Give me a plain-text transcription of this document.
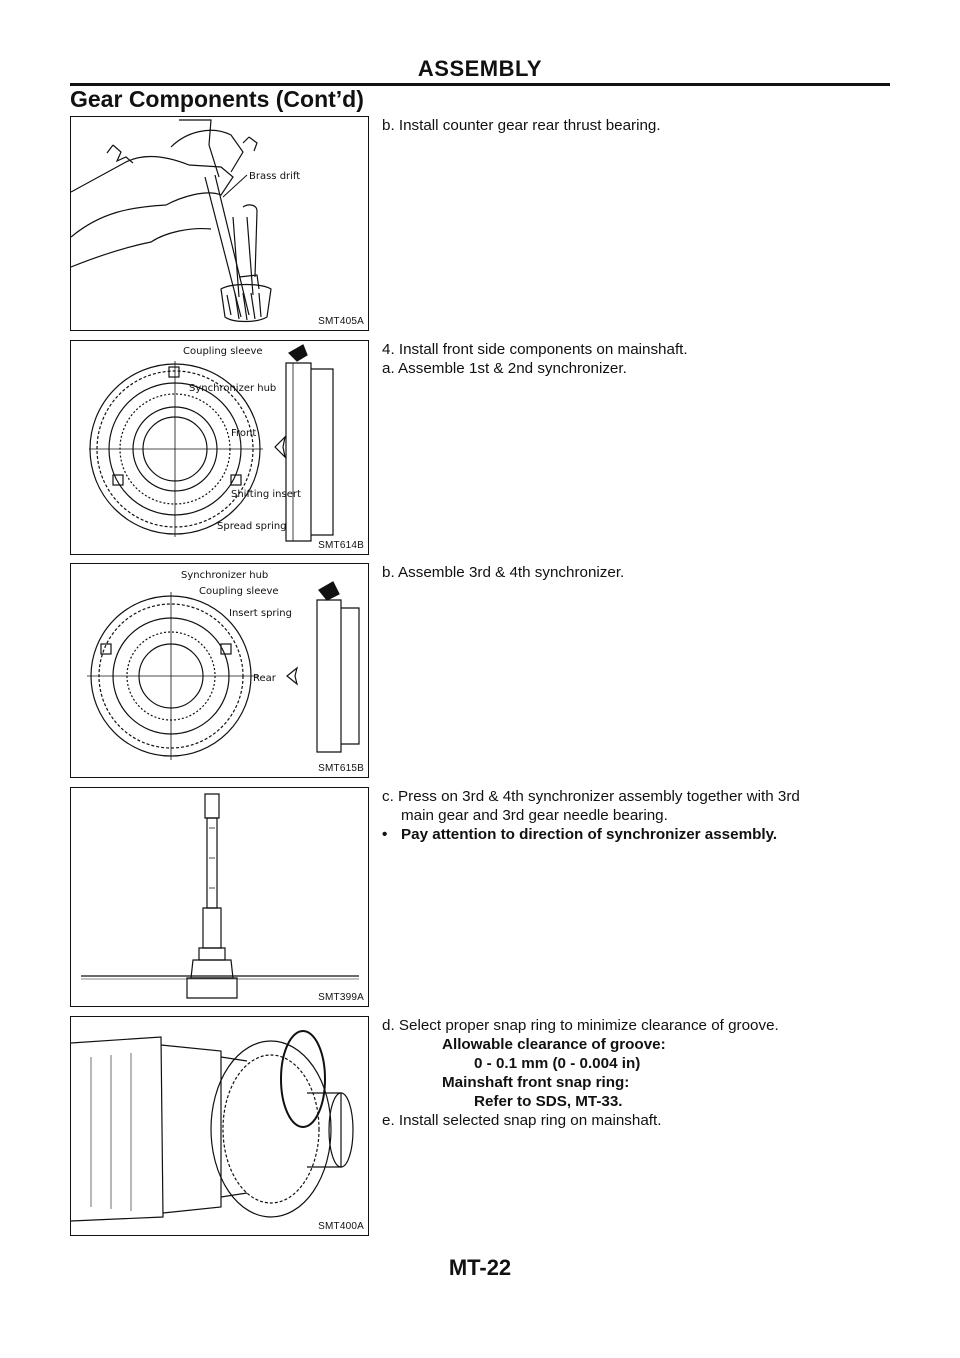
ASSEMBLY
Gear Components (Cont’d)
Brass drift
SMT405A
b. Install counter gear rear thrust bearing.
Coupling sleeve
Synchronizer hub
Front
Shifting insert
Spread spring
SMT614B
4. Install front side components on mainshaft.
a. Assemble 1st & 2nd synchronizer.
Synchronizer hub
Coupling sleeve
Insert spring
Rear
SMT615B
b. Assemble 3rd & 4th synchronizer.
SMT399A
c. Press on 3rd & 4th synchronizer assembly together with 3rd
main gear and 3rd gear needle bearing.
• Pay attention to direction of synchronizer assembly.
SMT400A
d. Select proper snap ring to minimize clearance of groove.
Allowable clearance of groove:
0 - 0.1 mm (0 - 0.004 in)
Mainshaft front snap ring:
Refer to SDS, MT-33.
e. Install selected snap ring on mainshaft.
MT-22
